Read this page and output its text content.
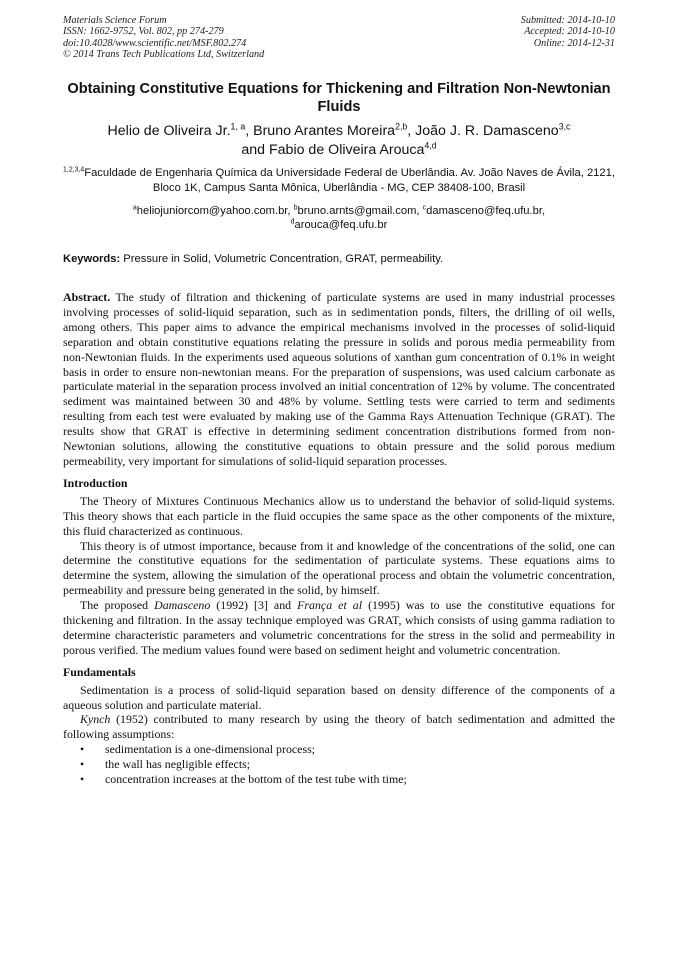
Materials Science Forum
ISSN: 1662-9752, Vol. 802, pp 274-279
doi:10.4028/www.scientific.net/MSF.802.274
© 2014 Trans Tech Publications Ltd, Switzerland
Submitted: 2014-10-10
Accepted: 2014-10-10
Online: 2014-12-31
Obtaining Constitutive Equations for Thickening and Filtration Non-Newtonian Fluids
Helio de Oliveira Jr.$^{1, a}$, Bruno Arantes Moreira$^{2,b}$, João J. R. Damasceno$^{3,c}$
and Fabio de Oliveira Arouca$^{4,d}$
$^{1,2,3,4}$Faculdade de Engenharia Química da Universidade Federal de Uberlândia. Av. João Naves de Ávila, 2121, Bloco 1K, Campus Santa Mônica, Uberlândia - MG, CEP 38408-100, Brasil
$^a$heliojuniorcom@yahoo.com.br, $^b$bruno.arnts@gmail.com, $^c$damasceno@feq.ufu.br,
$^d$arouca@feq.ufu.br
Keywords: Pressure in Solid, Volumetric Concentration, GRAT, permeability.

Abstract. The study of filtration and thickening of particulate systems are used in many industrial processes involving processes of solid-liquid separation, such as in sedimentation ponds, filters, the drilling of oil wells, among others. This paper aims to advance the empirical mechanisms involved in the processes of solid-liquid separation and obtain constitutive equations relating the pressure in solids and porous media permeability from non-Newtonian fluids. In the experiments used aqueous solutions of xanthan gum concentration of 0.1% in weight basis in order to ensure non-newtonian means. For the preparation of suspensions, was used calcium carbonate as particulate material in the separation process involved an initial concentration of 12% by volume. The concentrated sediment was maintained between 30 and 48% by volume. Settling tests were carried to term and sediments resulting from each test were evaluated by making use of the Gamma Rays Attenuation Technique (GRAT). The results show that GRAT is effective in determining sediment concentration distributions formed from non-Newtonian solutions, allowing the constitutive equations to obtain pressure and the solid porous medium permeability, very important for simulations of solid-liquid separation processes.

Introduction

The Theory of Mixtures Continuous Mechanics allow us to understand the behavior of solid-liquid systems. This theory shows that each particle in the fluid occupies the same space as the other components of the mixture, this fluid characterized as continuous.

This theory is of utmost importance, because from it and knowledge of the concentrations of the solid, one can determine the constitutive equations for the sedimentation of particulate systems. These equations aims to determine the system, allowing the simulation of the operational process and obtain the volumetric concentration, permeability and pressure being generated in the solid, by himself.

The proposed Damasceno (1992) [3] and França et al (1995) was to use the constitutive equations for thickening and filtration. In the assay technique employed was GRAT, which consists of using gamma radiation to determine characteristic parameters and volumetric concentrations for the stress in the solid and permeability in porous verified. The medium values found were based on sediment height and volumetric concentration.

Fundamentals

Sedimentation is a process of solid-liquid separation based on density difference of the components of a aqueous solution and particulate material.

Kynch (1952) contributed to many research by using the theory of batch sedimentation and admitted the following assumptions:

• sedimentation is a one-dimensional process;
• the wall has negligible effects;
• concentration increases at the bottom of the test tube with time;
